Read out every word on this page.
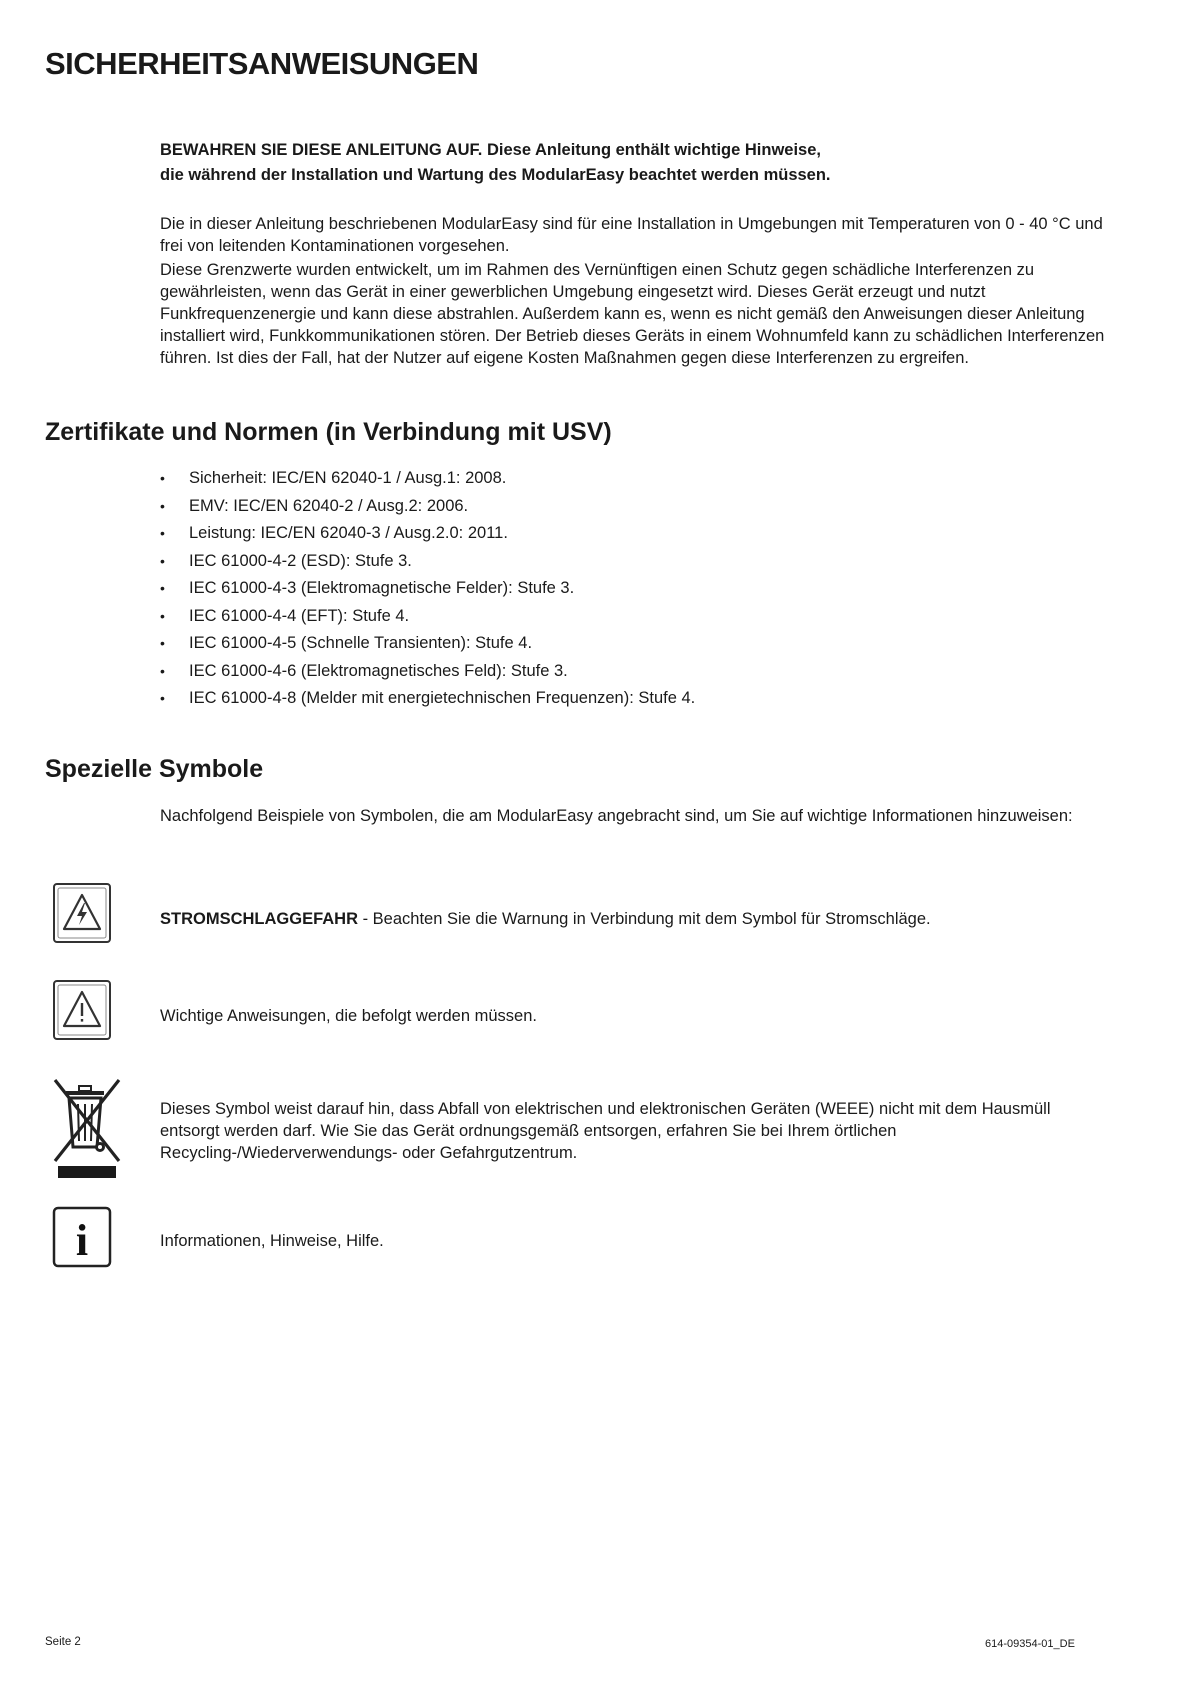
SICHERHEITSANWEISUNGEN
BEWAHREN SIE DIESE ANLEITUNG AUF. Diese Anleitung enthält wichtige Hinweise,
die während der Installation und Wartung des ModularEasy beachtet werden müssen.

Die in dieser Anleitung beschriebenen ModularEasy sind für eine Installation in Umgebungen mit Temperaturen von 0 - 40 °C und frei von leitenden Kontaminationen vorgesehen.

Diese Grenzwerte wurden entwickelt, um im Rahmen des Vernünftigen einen Schutz gegen schädliche Interferenzen zu gewährleisten, wenn das Gerät in einer gewerblichen Umgebung eingesetzt wird. Dieses Gerät erzeugt und nutzt Funkfrequenzenergie und kann diese abstrahlen. Außerdem kann es, wenn es nicht gemäß den Anweisungen dieser Anleitung installiert wird, Funkkommunikationen stören. Der Betrieb dieses Geräts in einem Wohnumfeld kann zu schädlichen Interferenzen führen. Ist dies der Fall, hat der Nutzer auf eigene Kosten Maßnahmen gegen diese Interferenzen zu ergreifen.

Zertifikate und Normen (in Verbindung mit USV)
• Sicherheit: IEC/EN 62040-1 / Ausg.1: 2008.
• EMV: IEC/EN 62040-2 / Ausg.2: 2006.
• Leistung: IEC/EN 62040-3 / Ausg.2.0: 2011.
• IEC 61000-4-2 (ESD): Stufe 3.
• IEC 61000-4-3 (Elektromagnetische Felder): Stufe 3.
• IEC 61000-4-4 (EFT): Stufe 4.
• IEC 61000-4-5 (Schnelle Transienten): Stufe 4.
• IEC 61000-4-6 (Elektromagnetisches Feld): Stufe 3.
• IEC 61000-4-8 (Melder mit energietechnischen Frequenzen): Stufe 4.
Spezielle Symbole

Nachfolgend Beispiele von Symbolen, die am ModularEasy angebracht sind, um Sie auf wichtige Informationen hinzuweisen:

STROMSCHLAGGEFAHR - Beachten Sie die Warnung in Verbindung mit dem Symbol für Stromschläge.
Wichtige Anweisungen, die befolgt werden müssen.
Dieses Symbol weist darauf hin, dass Abfall von elektrischen und elektronischen Geräten (WEEE) nicht mit dem Hausmüll entsorgt werden darf. Wie Sie das Gerät ordnungsgemäß entsorgen, erfahren Sie bei Ihrem örtlichen Recycling-/Wiederverwendungs- oder Gefahrgutzentrum.
i	Informationen, Hinweise, Hilfe.
Seite 2	614-09354-01_DE
